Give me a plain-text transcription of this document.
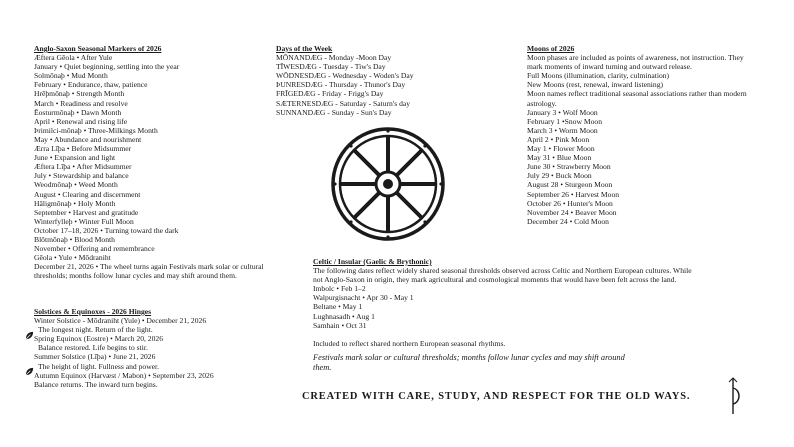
Anglo-Saxon Seasonal Markers of 2026
Æftera Gēola • After Yule
January • Quiet beginning, settling into the year
Solmōnaþ • Mud Month
February • Endurance, thaw, patience
Hrēþmōnaþ • Strength Month
March • Readiness and resolve
Ēosturmōnaþ • Dawn Month
April • Renewal and rising life
Þrimilci-mōnaþ • Three-Milkings Month
May • Abundance and nourishment
Ærra Līþa • Before Midsummer
June • Expansion and light
Æftera Līþa • After Midsummer
July • Stewardship and balance
Weodmōnaþ • Weed Month
August • Clearing and discernment
Hāligmōnaþ • Holy Month
September • Harvest and gratitude
Winterfylleþ • Winter Full Moon
October 17–18, 2026 • Turning toward the dark
Blōtmōnaþ • Blood Month
November • Offering and remembrance
Gēola • Yule • Mōdraniht
December 21, 2026 • The wheel turns again Festivals mark solar or cultural thresholds; months follow lunar cycles and may shift around them.
Days of the Week
MŌNANDÆG - Monday -Moon Day
TĪWESDÆG - Tuesday - Tiw's Day
WŌDNESDÆG - Wednesday - Woden's Day
ÞUNRESDÆG - Thursday - Thunor's Day
FRĪGEDÆG - Friday - Frigg's Day
SÆTERNESDÆG - Saturday - Saturn's day
SUNNANDÆG - Sunday - Sun's Day
Moons of 2026
Moon phases are included as points of awareness, not instruction. They mark moments of inward turning and outward release.
Full Moons (illumination, clarity, culmination)
New Moons (rest, renewal, inward listening)
Moon names reflect traditional seasonal associations rather than modern astrology.
January 3 • Wolf Moon
February 1 •Snow Moon
March 3 • Worm Moon
April 2 • Pink Moon
May 1 • Flower Moon
May 31 • Blue Moon
June 30 • Strawberry Moon
July 29 • Buck Moon
August 28 • Sturgeon Moon
September 26 • Harvest Moon
October 26 • Hunter's Moon
November 24 • Beaver Moon
December 24 • Cold Moon
Celtic / Insular (Gaelic & Brythonic)
The following dates reflect widely shared seasonal thresholds observed across Celtic and Northern European cultures. While not Anglo-Saxon in origin, they mark agricultural and cosmological moments that would have been felt across the land.
Imbolc • Feb 1–2
Walpurgisnacht • Apr 30 - May 1
Beltane • May 1
Lughnasadh • Aug 1
Samhain • Oct 31
Included to reflect shared northern European seasonal rhythms.
Festivals mark solar or cultural thresholds; months follow lunar cycles and may shift around them.
Solstices & Equinoxes - 2026 Hinges
Winter Solstice - Mōdraniht (Yule) • December 21, 2026
The longest night. Return of the light.
Spring Equinox (Eostre) • March 20, 2026
Balance restored. Life begins to stir.
Summer Solstice (Līþa) • June 21, 2026
The height of light. Fullness and power.
Autumn Equinox (Harvæst / Mabon) • September 23, 2026
Balance returns. The inward turn begins.
CREATED WITH CARE, STUDY, AND RESPECT FOR THE OLD WAYS.
